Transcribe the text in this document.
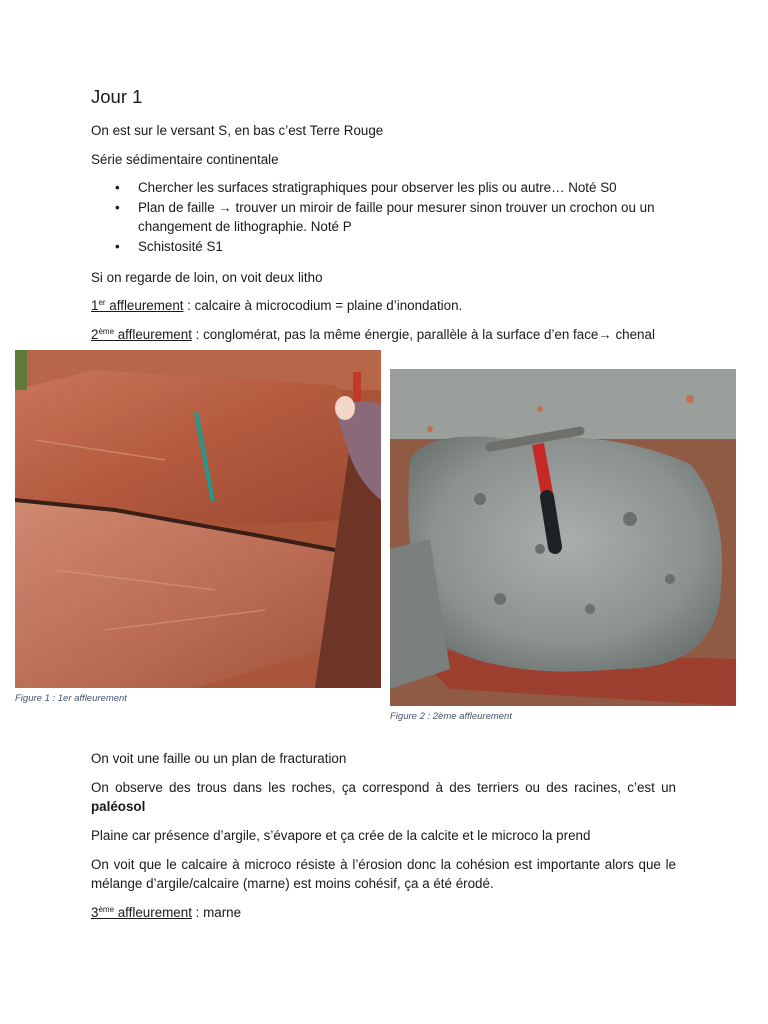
Jour 1
On est sur le versant S, en bas c’est Terre Rouge
Série sédimentaire continentale
• Chercher les surfaces stratigraphiques pour observer les plis ou autre… Noté S0
• Plan de faille → trouver un miroir de faille pour mesurer sinon trouver un crochon ou un changement de lithographie. Noté P
• Schistosité S1
Si on regarde de loin, on voit deux litho
1er affleurement : calcaire à microcodium = plaine d’inondation.
2ème affleurement : conglomérat, pas la même énergie, parallèle à la surface d’en face→ chenal
Figure 1 : 1er affleurement
Figure 2 : 2ème affleurement
On voit une faille ou un plan de fracturation
On observe des trous dans les roches, ça correspond à des terriers ou des racines, c’est un paléosol
Plaine car présence d’argile, s’évapore et ça crée de la calcite et le microco la prend
On voit que le calcaire à microco résiste à l’érosion donc la cohésion est importante alors que le mélange d’argile/calcaire (marne) est moins cohésif, ça a été érodé.
3ème affleurement : marne
